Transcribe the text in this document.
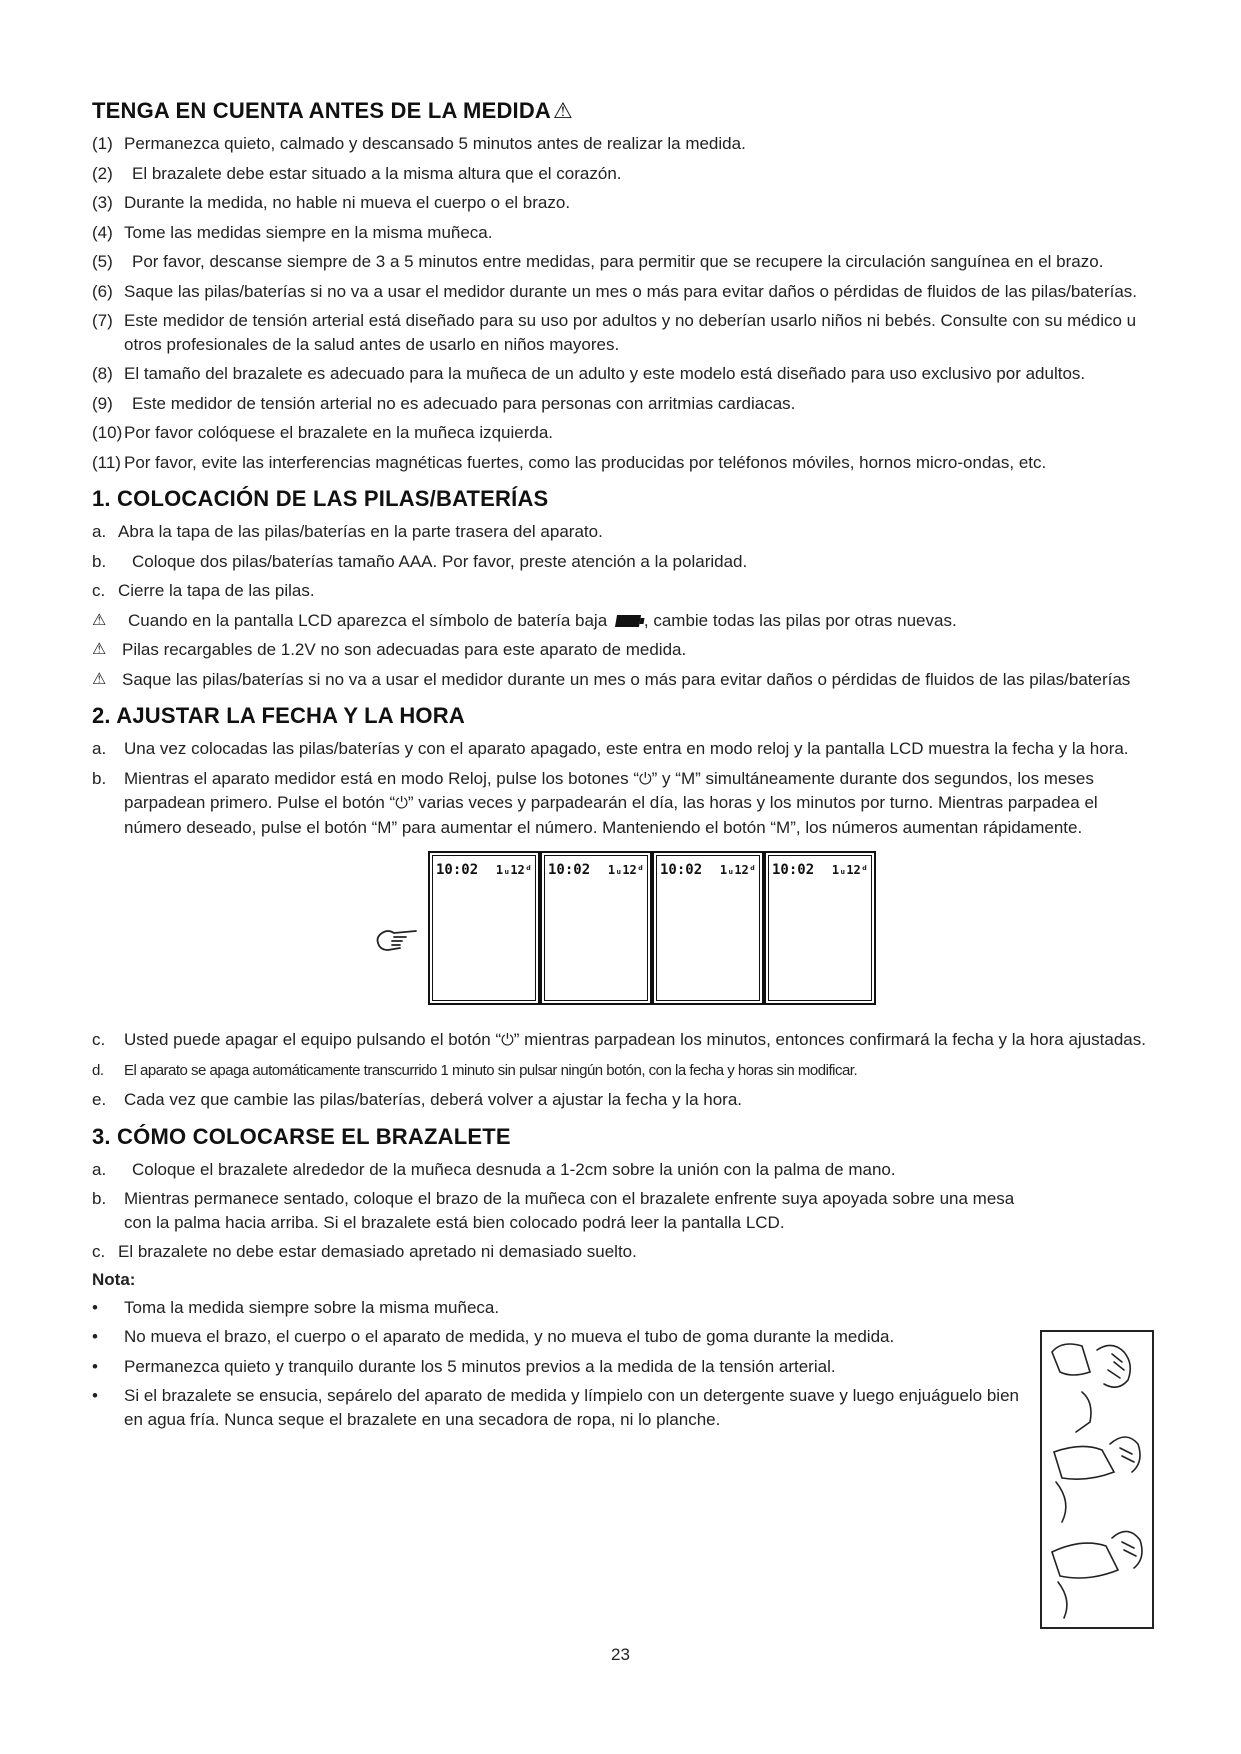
TENGA EN CUENTA ANTES DE LA MEDIDA⚠
(1) Permanezca quieto, calmado y descansado 5 minutos antes de realizar la medida.
(2) El brazalete debe estar situado a la misma altura que el corazón.
(3) Durante la medida, no hable ni mueva el cuerpo o el brazo.
(4) Tome las medidas siempre en la misma muñeca.
(5) Por favor, descanse siempre de 3 a 5 minutos entre medidas, para permitir que se recupere la circulación sanguínea en el brazo.
(6) Saque las pilas/baterías si no va a usar el medidor durante un mes o más para evitar daños o pérdidas de fluidos de las pilas/baterías.
(7) Este medidor de tensión arterial está diseñado para su uso por adultos y no deberían usarlo niños ni bebés. Consulte con su médico u otros profesionales de la salud antes de usarlo en niños mayores.
(8) El tamaño del brazalete es adecuado para la muñeca de un adulto y este modelo está diseñado para uso exclusivo por adultos.
(9) Este medidor de tensión arterial no es adecuado para personas con arritmias cardiacas.
(10) Por favor colóquese el brazalete en la muñeca izquierda.
(11) Por favor, evite las interferencias magnéticas fuertes, como las producidas por teléfonos móviles, hornos micro-ondas, etc.
1. COLOCACIÓN DE LAS PILAS/BATERÍAS
a. Abra la tapa de las pilas/baterías en la parte trasera del aparato.
b. Coloque dos pilas/baterías tamaño AAA. Por favor, preste atención a la polaridad.
c. Cierre la tapa de las pilas.
⚠ Cuando en la pantalla LCD aparezca el símbolo de batería baja , cambie todas las pilas por otras nuevas.
⚠ Pilas recargables de 1.2V no son adecuadas para este aparato de medida.
⚠ Saque las pilas/baterías si no va a usar el medidor durante un mes o más para evitar daños o pérdidas de fluidos de las pilas/baterías
2. AJUSTAR LA FECHA Y LA HORA
a. Una vez colocadas las pilas/baterías y con el aparato apagado, este entra en modo reloj y la pantalla LCD muestra la fecha y la hora.
b. Mientras el aparato medidor está en modo Reloj, pulse los botones “⏻” y “M” simultáneamente durante dos segundos, los meses parpadean primero. Pulse el botón “⏻” varias veces y parpadearán el día, las horas y los minutos por turno. Mientras parpadea el número deseado, pulse el botón “M” para aumentar el número. Manteniendo el botón “M”, los números aumentan rápidamente.
10:02 1ᵤ12ᵈ 10:02 1ᵤ12ᵈ 10:02 1ᵤ12ᵈ 10:02 1ᵤ12ᵈ
c. Usted puede apagar el equipo pulsando el botón “⏻” mientras parpadean los minutos, entonces confirmará la fecha y la hora ajustadas.
d. El aparato se apaga automáticamente transcurrido 1 minuto sin pulsar ningún botón, con la fecha y horas sin modificar.
e. Cada vez que cambie las pilas/baterías, deberá volver a ajustar la fecha y la hora.
3. CÓMO COLOCARSE EL BRAZALETE
a. Coloque el brazalete alrededor de la muñeca desnuda a 1-2cm sobre la unión con la palma de mano.
b. Mientras permanece sentado, coloque el brazo de la muñeca con el brazalete enfrente suya apoyada sobre una mesa con la palma hacia arriba. Si el brazalete está bien colocado podrá leer la pantalla LCD.
c. El brazalete no debe estar demasiado apretado ni demasiado suelto.
Nota:
• Toma la medida siempre sobre la misma muñeca.
• No mueva el brazo, el cuerpo o el aparato de medida, y no mueva el tubo de goma durante la medida.
• Permanezca quieto y tranquilo durante los 5 minutos previos a la medida de la tensión arterial.
• Si el brazalete se ensucia, sepárelo del aparato de medida y límpielo con un detergente suave y luego enjuáguelo bien en agua fría. Nunca seque el brazalete en una secadora de ropa, ni lo planche.
23
